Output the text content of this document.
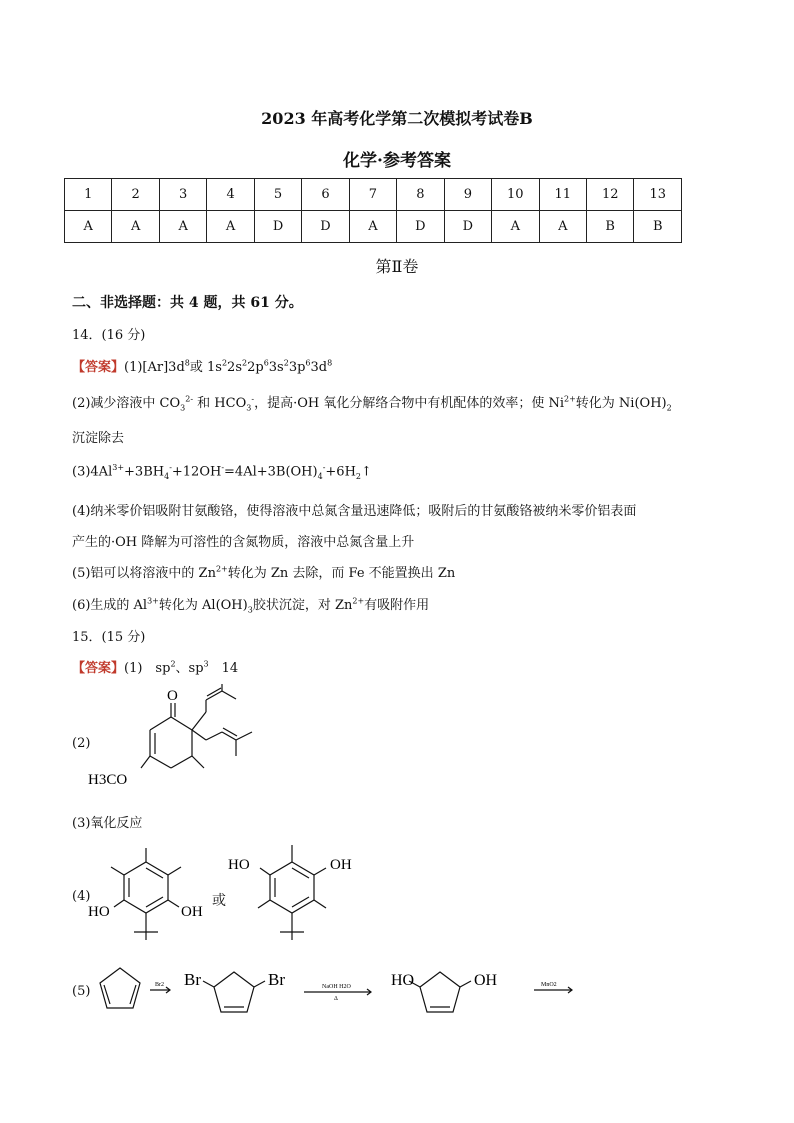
2023 年高考化学第二次模拟考试卷B
化学·参考答案
1	2	3	4	5	6	7	8	9	10	11	12	13
A	A	A	A	D	D	A	D	D	A	A	B	B
第Ⅱ卷
二、非选择题：共 4 题，共 61 分。
14．(16 分)
【答案】$(1)[Ar]3d^8$或 $1s^22s^22p^63s^23p^63d^8$
(2)减少溶液中 $CO_3^{2-}$ 和 $HCO_3^-$，提高·OH 氧化分解络合物中有机配体的效率；使 $Ni^{2+}$转化为 $Ni(OH)_2$
沉淀除去
$(3)4Al^{3+}+3BH_4^-+12OH^-=4Al+3B(OH)_4^-+6H_2↑$
(4)纳米零价铝吸附甘氨酸铬，使得溶液中总氮含量迅速降低；吸附后的甘氨酸铬被纳米零价铝表面
产生的·OH 降解为可溶性的含氮物质，溶液中总氮含量上升
(5)铝可以将溶液中的 $Zn^{2+}$转化为 Zn 去除，而 Fe 不能置换出 Zn
(6)生成的 $Al^{3+}$转化为 $Al(OH)_3$胶状沉淀，对 $Zn^{2+}$有吸附作用
15．(15 分)
【答案】(1)　$sp^2$、$sp^3$　14
(2)
O
H3CO
(3)氧化反应
(4)
HO	OH
或
HO	OH
(5)	Br2 Br	Br	NaOH H2O
Δ
HO	OH	MnO2
